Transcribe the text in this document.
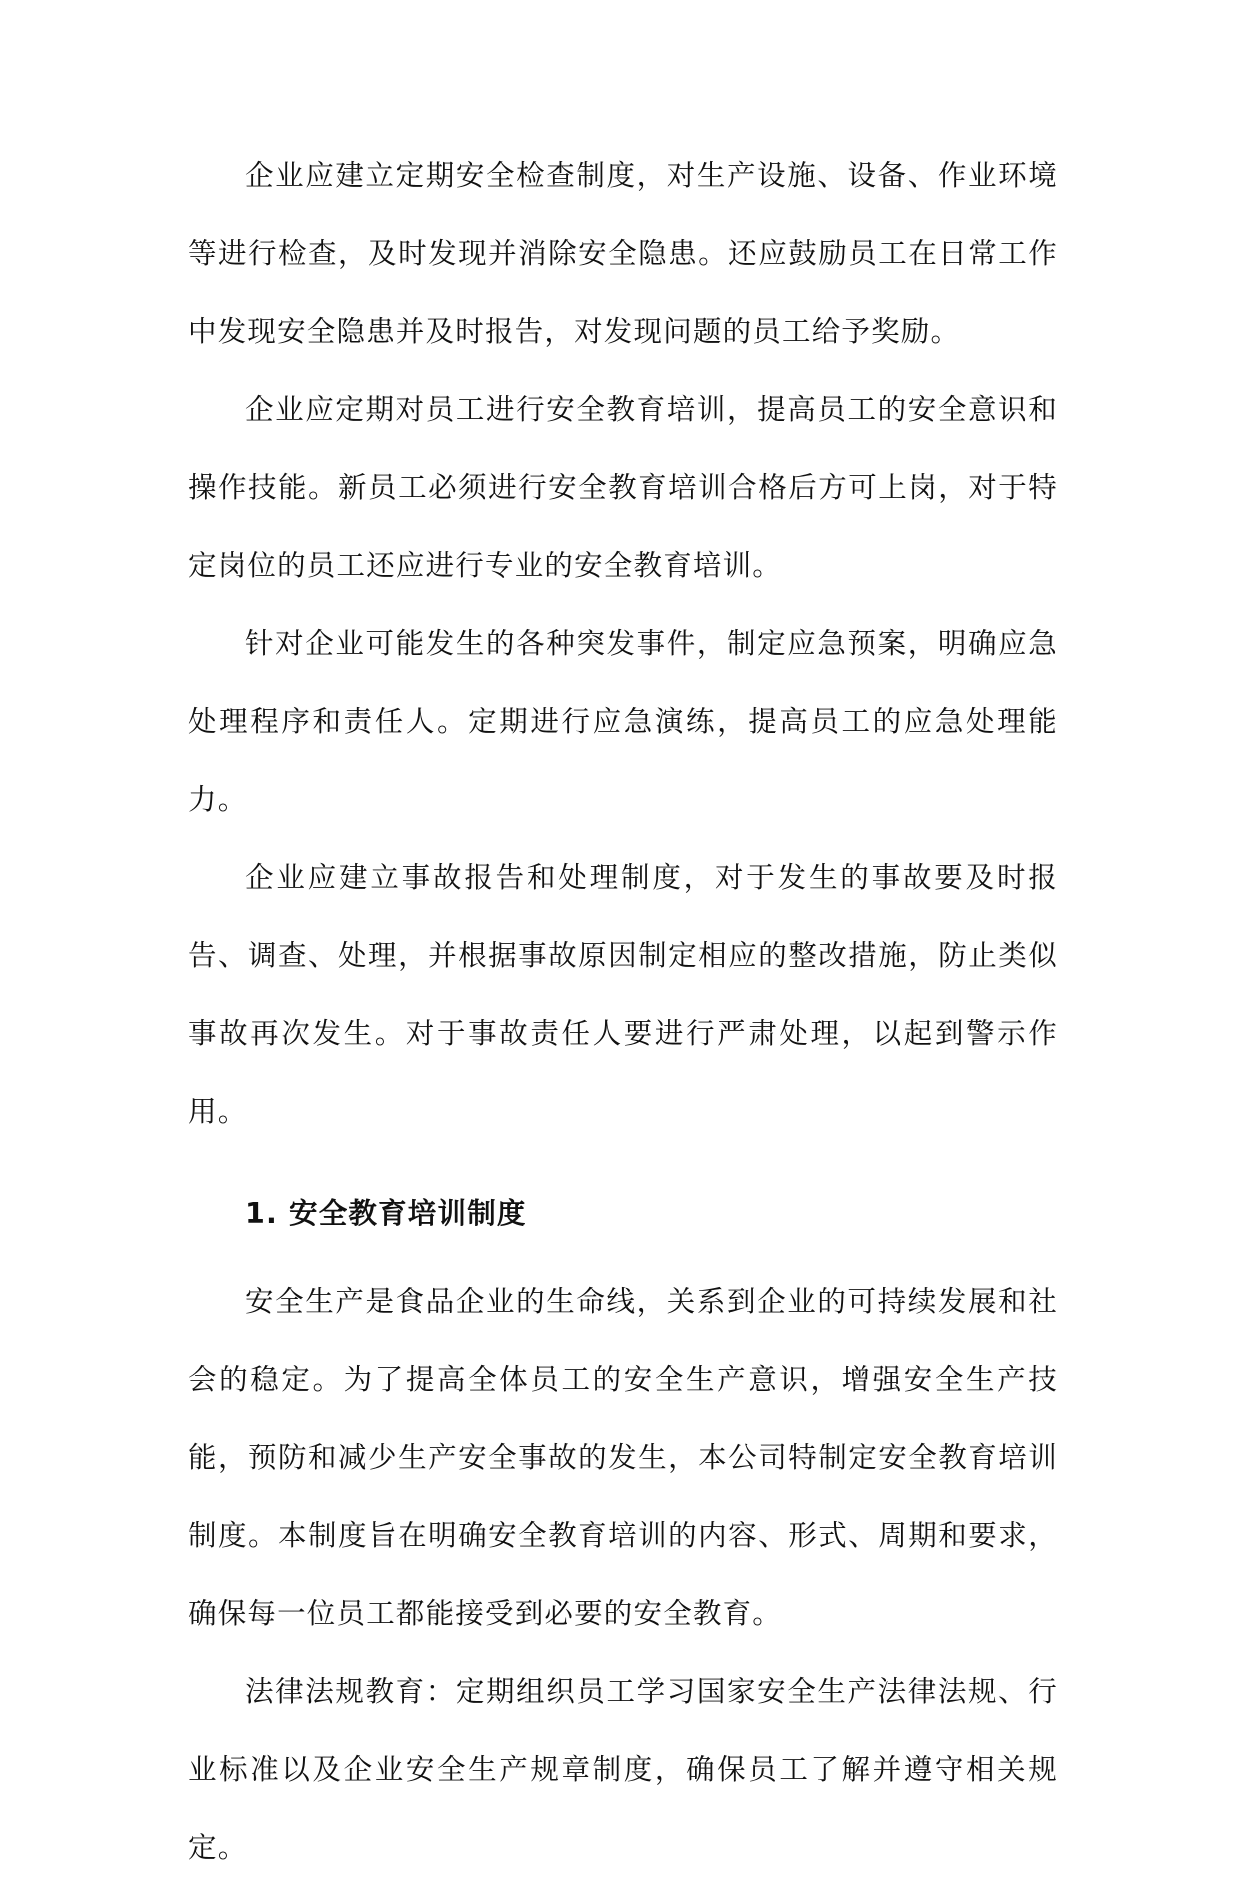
企业应建立定期安全检查制度，对生产设施、设备、作业环境等进行检查，及时发现并消除安全隐患。还应鼓励员工在日常工作中发现安全隐患并及时报告，对发现问题的员工给予奖励。

企业应定期对员工进行安全教育培训，提高员工的安全意识和操作技能。新员工必须进行安全教育培训合格后方可上岗，对于特定岗位的员工还应进行专业的安全教育培训。

针对企业可能发生的各种突发事件，制定应急预案，明确应急处理程序和责任人。定期进行应急演练，提高员工的应急处理能力。

企业应建立事故报告和处理制度，对于发生的事故要及时报告、调查、处理，并根据事故原因制定相应的整改措施，防止类似事故再次发生。对于事故责任人要进行严肃处理，以起到警示作用。

1. 安全教育培训制度

安全生产是食品企业的生命线，关系到企业的可持续发展和社会的稳定。为了提高全体员工的安全生产意识，增强安全生产技能，预防和减少生产安全事故的发生，本公司特制定安全教育培训制度。本制度旨在明确安全教育培训的内容、形式、周期和要求，确保每一位员工都能接受到必要的安全教育。

法律法规教育：定期组织员工学习国家安全生产法律法规、行业标准以及企业安全生产规章制度，确保员工了解并遵守相关规定。
